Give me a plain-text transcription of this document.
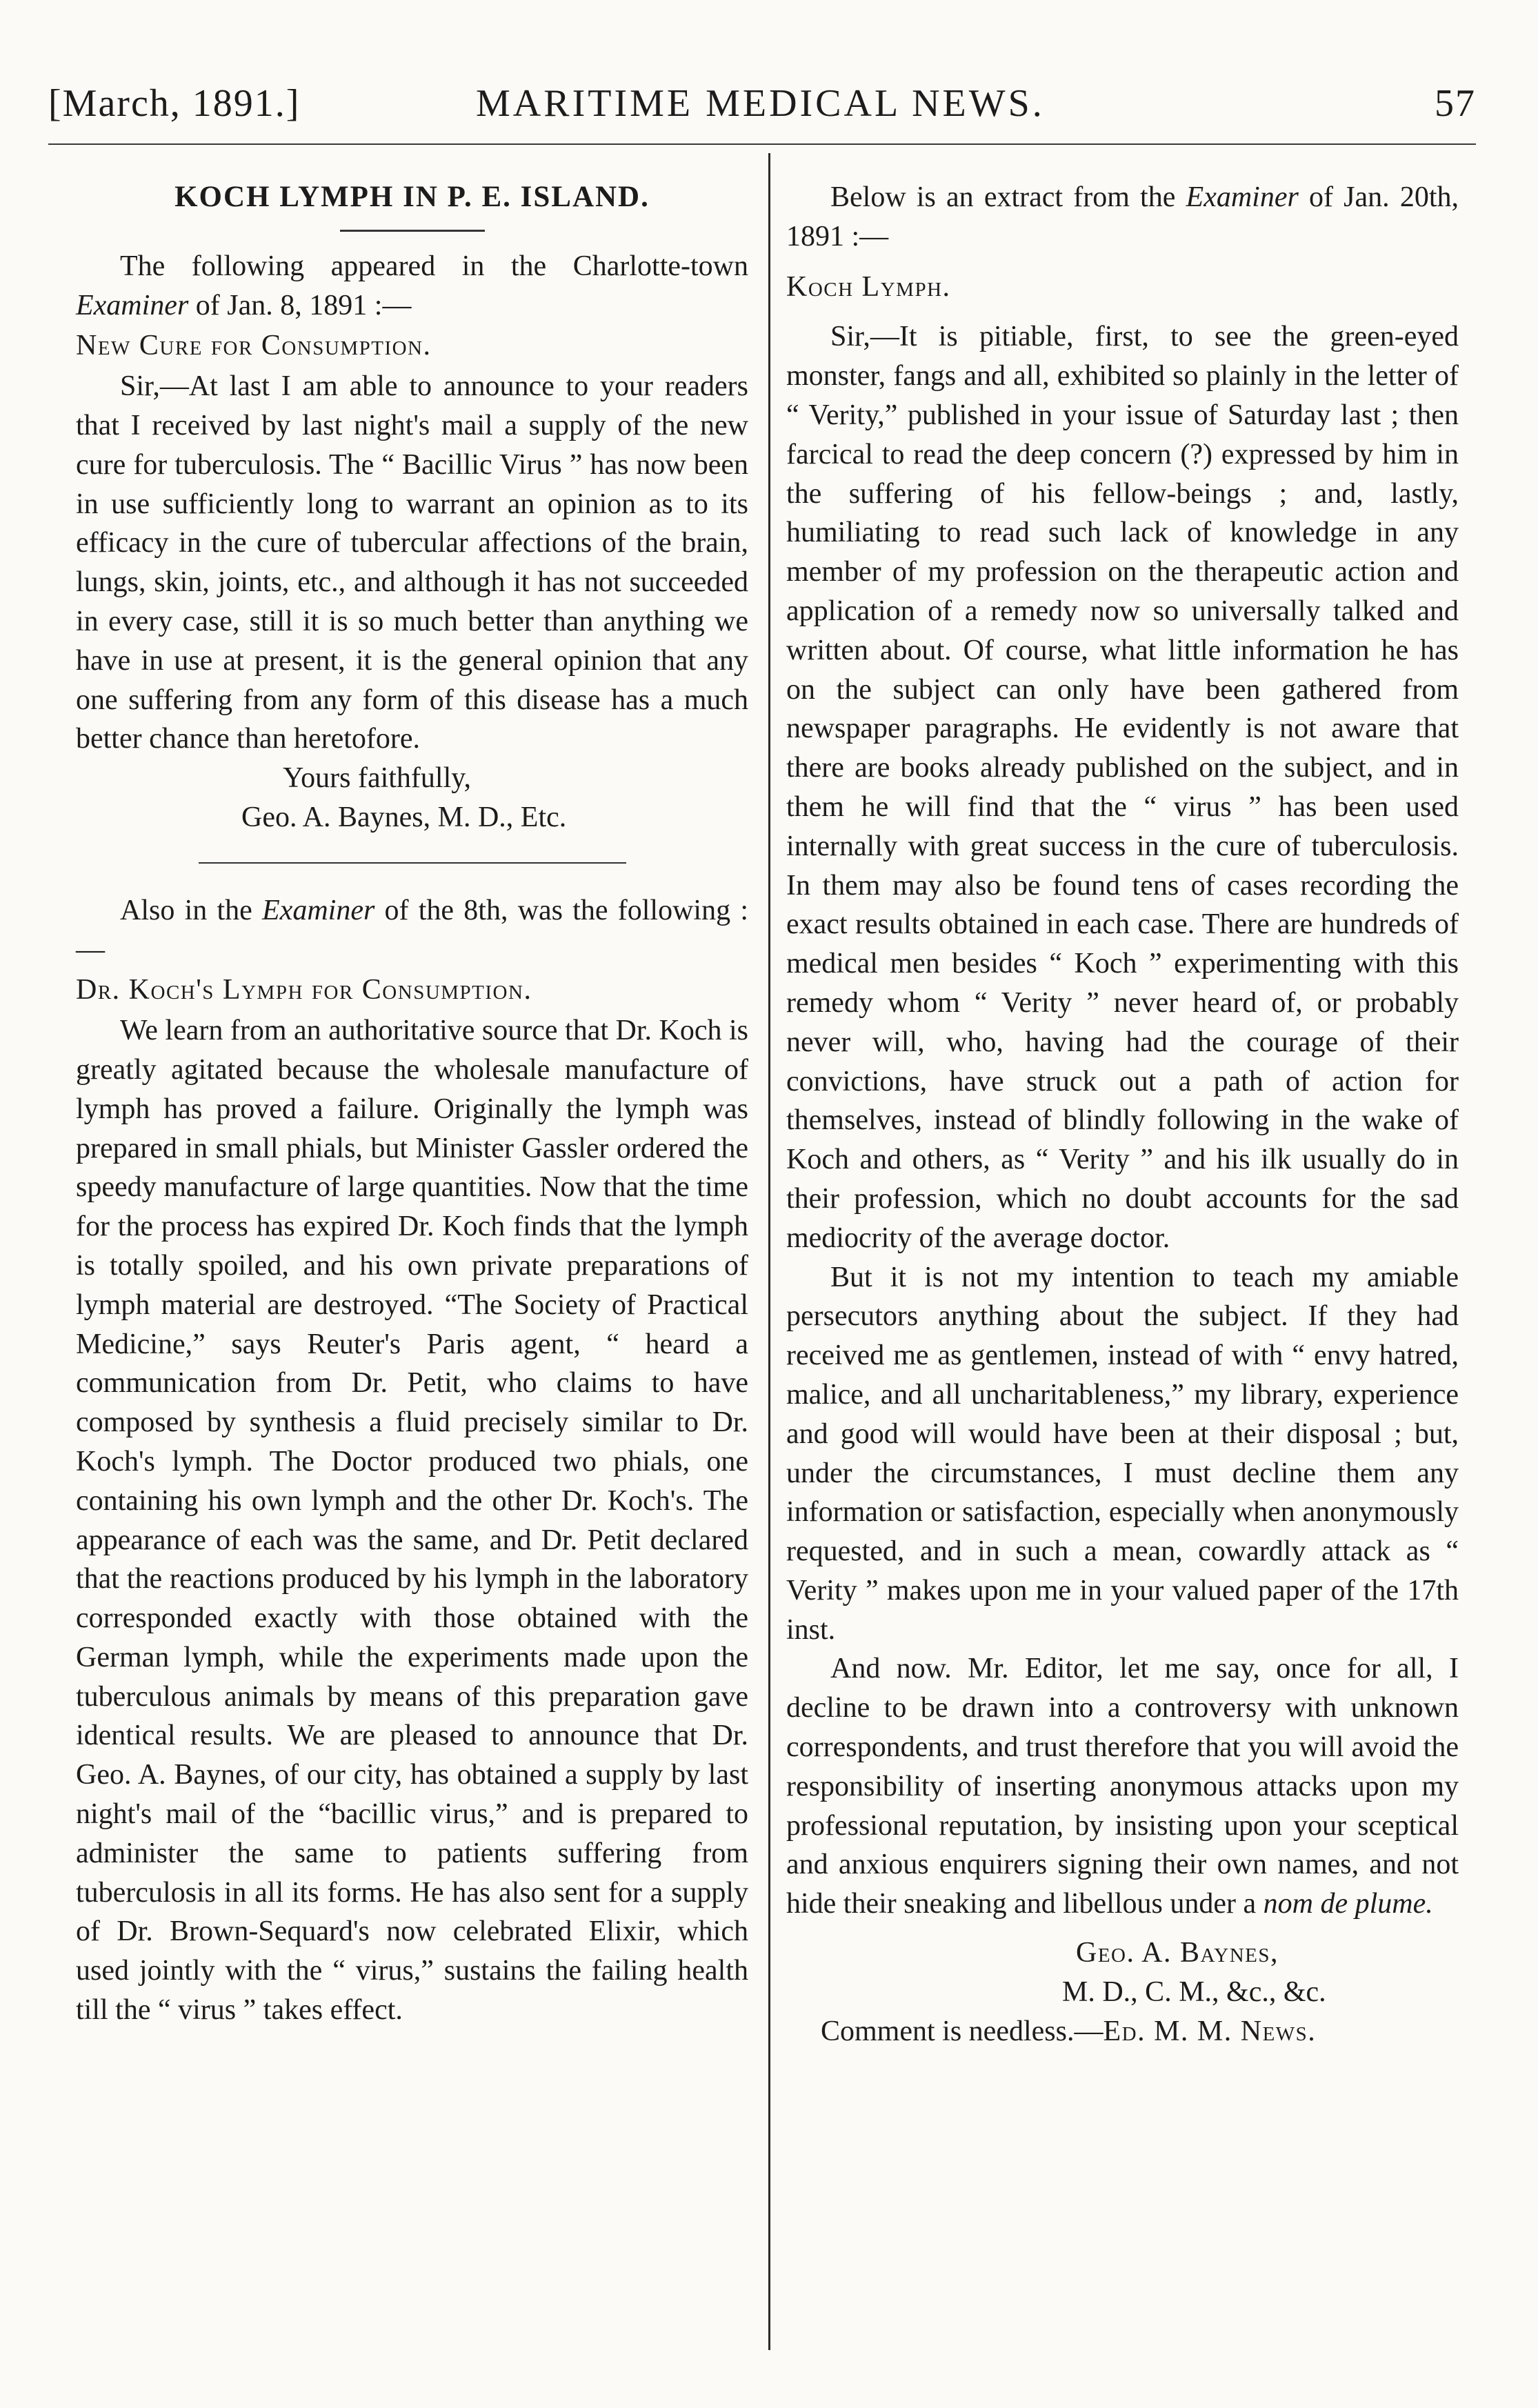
[March, 1891.]	MARITIME MEDICAL NEWS.	57
KOCH LYMPH IN P. E. ISLAND.

The following appeared in the Charlotte-town Examiner of Jan. 8, 1891 :—

New Cure for Consumption.

Sir,—At last I am able to announce to your readers that I received by last night's mail a supply of the new cure for tuberculosis. The “ Bacillic Virus ” has now been in use sufficiently long to warrant an opinion as to its efficacy in the cure of tubercular affections of the brain, lungs, skin, joints, etc., and although it has not succeeded in every case, still it is so much better than anything we have in use at present, it is the general opinion that any one suffering from any form of this disease has a much better chance than heretofore.

Yours faithfully,

Geo. A. Baynes, M. D., Etc.

Also in the Examiner of the 8th, was the following :—

Dr. Koch's Lymph for Consumption.

We learn from an authoritative source that Dr. Koch is greatly agitated because the wholesale manufacture of lymph has proved a failure. Originally the lymph was prepared in small phials, but Minister Gassler ordered the speedy manufacture of large quantities. Now that the time for the process has expired Dr. Koch finds that the lymph is totally spoiled, and his own private preparations of lymph material are destroyed. “The Society of Practical Medicine,” says Reuter's Paris agent, “ heard a communication from Dr. Petit, who claims to have composed by synthesis a fluid precisely similar to Dr. Koch's lymph. The Doctor produced two phials, one containing his own lymph and the other Dr. Koch's. The appearance of each was the same, and Dr. Petit declared that the reactions produced by his lymph in the laboratory corresponded exactly with those obtained with the German lymph, while the experiments made upon the tuberculous animals by means of this preparation gave identical results. We are pleased to announce that Dr. Geo. A. Baynes, of our city, has obtained a supply by last night's mail of the “bacillic virus,” and is prepared to administer the same to patients suffering from tuberculosis in all its forms. He has also sent for a supply of Dr. Brown-Sequard's now celebrated Elixir, which used jointly with the “ virus,” sustains the failing health till the “ virus ” takes effect.

Below is an extract from the Examiner of Jan. 20th, 1891 :—

Koch Lymph.

Sir,—It is pitiable, first, to see the green-eyed monster, fangs and all, exhibited so plainly in the letter of “ Verity,” published in your issue of Saturday last ; then farcical to read the deep concern (?) expressed by him in the suffering of his fellow-beings ; and, lastly, humiliating to read such lack of knowledge in any member of my profession on the therapeutic action and application of a remedy now so universally talked and written about. Of course, what little information he has on the subject can only have been gathered from newspaper paragraphs. He evidently is not aware that there are books already published on the subject, and in them he will find that the “ virus ” has been used internally with great success in the cure of tuberculosis. In them may also be found tens of cases recording the exact results obtained in each case. There are hundreds of medical men besides “ Koch ” experimenting with this remedy whom “ Verity ” never heard of, or probably never will, who, having had the courage of their convictions, have struck out a path of action for themselves, instead of blindly following in the wake of Koch and others, as “ Verity ” and his ilk usually do in their profession, which no doubt accounts for the sad mediocrity of the average doctor.

But it is not my intention to teach my amiable persecutors anything about the subject. If they had received me as gentlemen, instead of with “ envy hatred, malice, and all uncharitableness,” my library, experience and good will would have been at their disposal ; but, under the circumstances, I must decline them any information or satisfaction, especially when anonymously requested, and in such a mean, cowardly attack as “ Verity ” makes upon me in your valued paper of the 17th inst.

And now. Mr. Editor, let me say, once for all, I decline to be drawn into a controversy with unknown correspondents, and trust therefore that you will avoid the responsibility of inserting anonymous attacks upon my professional reputation, by insisting upon your sceptical and anxious enquirers signing their own names, and not hide their sneaking and libellous under a nom de plume.

Geo. A. Baynes,

M. D., C. M., &c., &c.

Comment is needless.—Ed. M. M. News.
